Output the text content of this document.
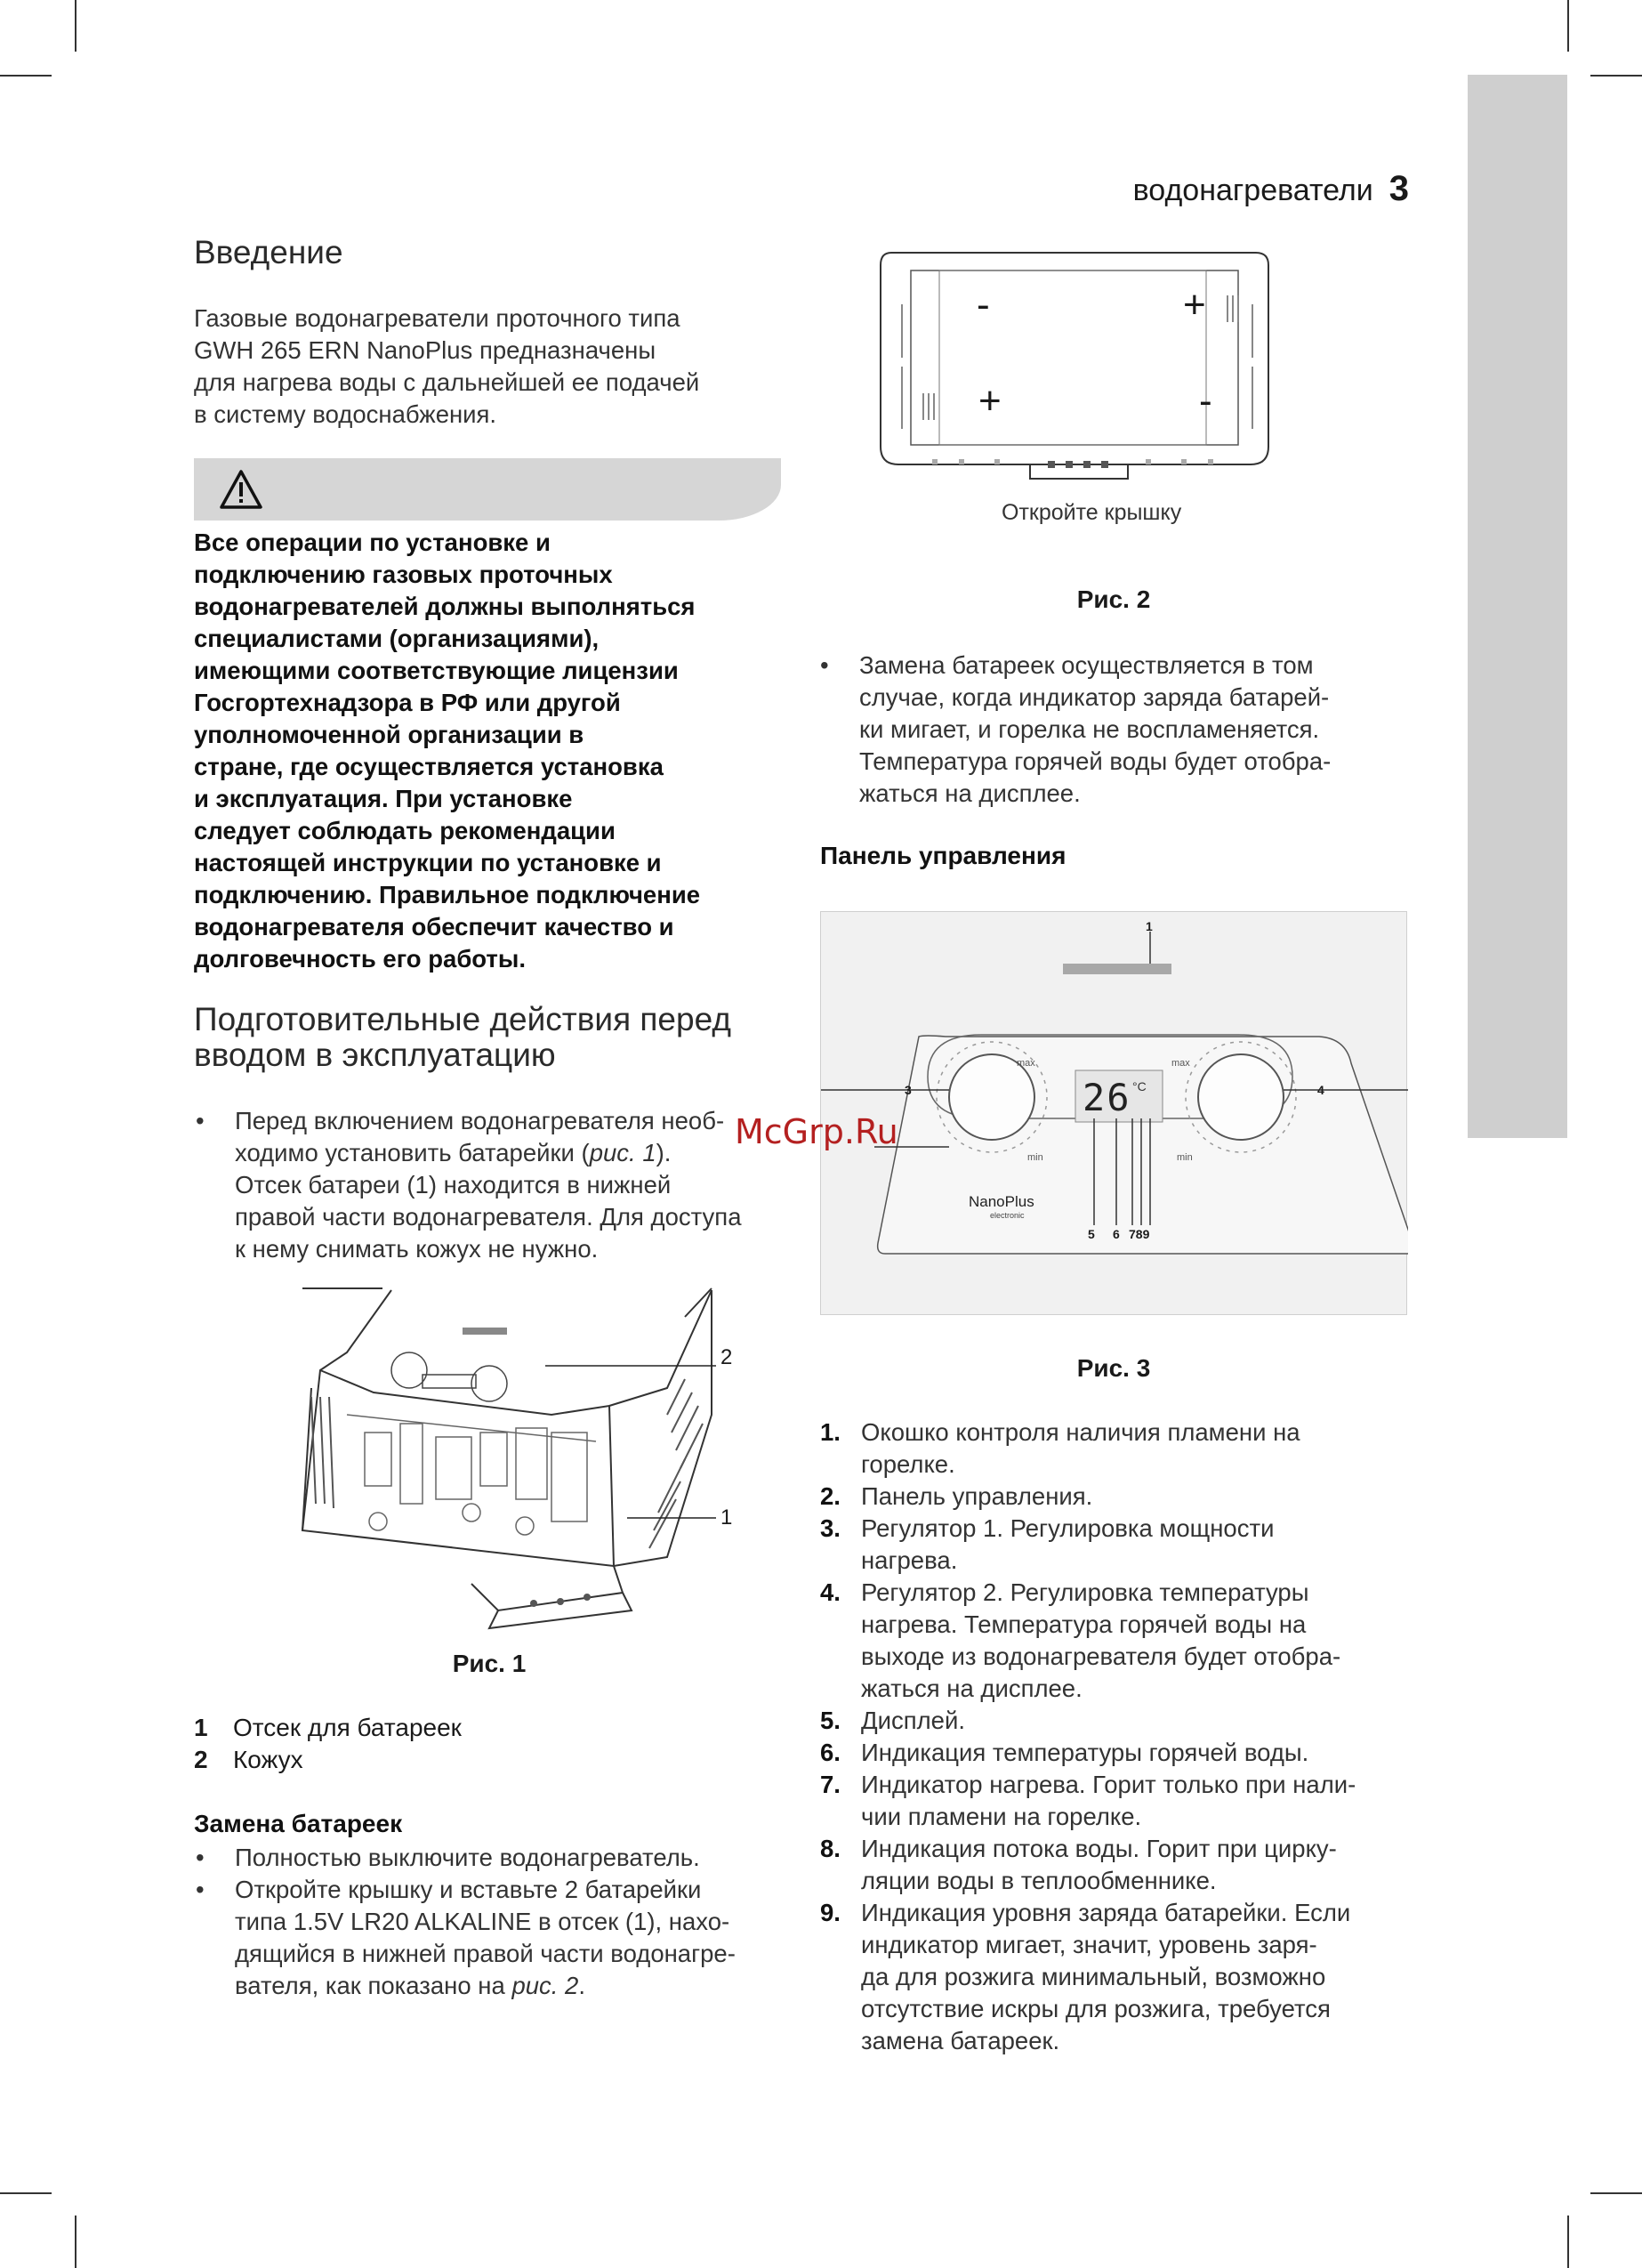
водонагреватели 3
Введение
Газовые водонагреватели проточного типа
GWH 265 ERN NanoPlus предназначены
для нагрева воды с дальнейшей ее подачей
в систему водоснабжения.
Все операции по установке и
подключению газовых проточных
водонагревателей должны выполняться
специалистами (организациями),
имеющими соответствующие лицензии
Госгортехнадзора в РФ или другой
уполномоченной организации в
стране, где осуществляется установка
и эксплуатация. При установке
следует соблюдать рекомендации
настоящей инструкции по установке и
подключению. Правильное подключение
водонагревателя обеспечит качество и
долговечность его работы.
Подготовительные действия перед
вводом в эксплуатацию
• Перед включением водонагревателя необ-
ходимо установить батарейки (рис. 1).
Отсек батареи (1) находится в нижней
правой части водонагревателя. Для доступа
к нему снимать кожух не нужно.
2
1
Рис. 1
1 Отсек для батареек
2 Кожух
Замена батареек
• Полностью выключите водонагреватель.
• Откройте крышку и вставьте 2 батарейки
типа 1.5V LR20 ALKALINE в отсек (1), нахо-
дящийся в нижней правой части водонагре-
вателя, как показано на рис. 2.
-	+
+	-
Откройте крышку
Рис. 2
• Замена батареек осуществляется в том
случае, когда индикатор заряда батарей-
ки мигает, и горелка не воспламеняется.
Температура горячей воды будет отобра-
жаться на дисплее.
Панель управления
1
3	4
5 6 789
26 °C
max
min
max
min
NanoPlus
electronic
Рис. 3
1. Окошко контроля наличия пламени на
горелке.
2. Панель управления.
3. Регулятор 1. Регулировка мощности
нагрева.
4. Регулятор 2. Регулировка температуры
нагрева. Температура горячей воды на
выходе из водонагревателя будет отобра-
жаться на дисплее.
5. Дисплей.
6. Индикация температуры горячей воды.
7. Индикатор нагрева. Горит только при нали-
чии пламени на горелке.
8. Индикация потока воды. Горит при цирку-
ляции воды в теплообменнике.
9. Индикация уровня заряда батарейки. Если
индикатор мигает, значит, уровень заря-
да для розжига минимальный, возможно
отсутствие искры для розжига, требуется
замена батареек.
McGrp.Ru
